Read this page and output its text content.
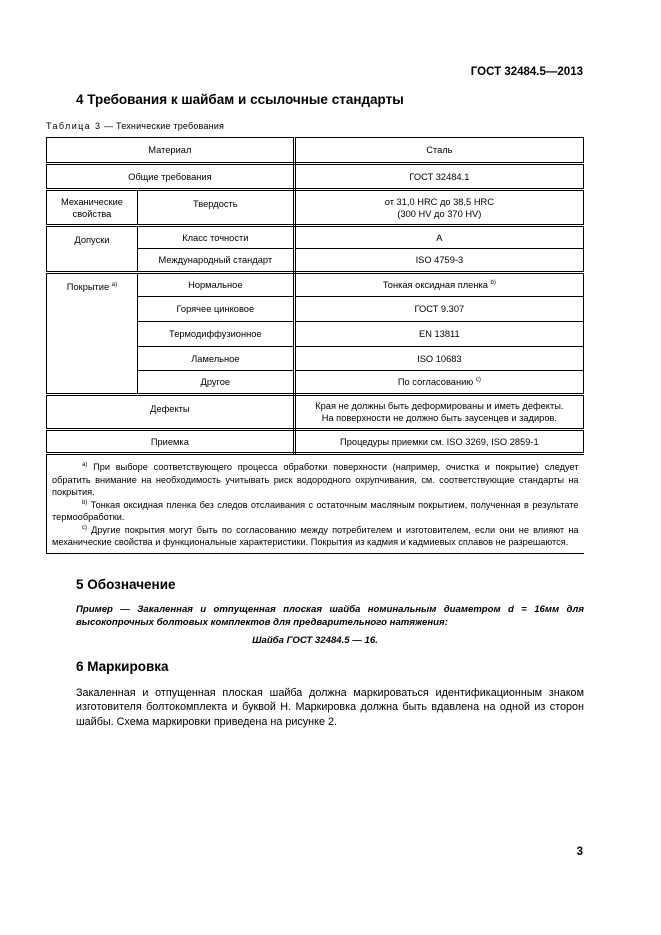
ГОСТ 32484.5—2013
4 Требования к шайбам и ссылочные стандарты
Таблица 3 — Технические требования
Материал		Сталь
Общие требования		ГОСТ 32484.1
Механические свойства	Твердость	от 31,0 HRC до 38,5 HRC
(300 HV до 370 HV)
Допуски	Класс точности	А
	Международный стандарт	ISO 4759-3
Покрытие $^{a)}$	Нормальное	Тонкая оксидная пленка $^{b)}$
	Горячее цинковое	ГОСТ 9.307
	Термодиффузионное	EN 13811
	Ламельное	ISO 10683
	Другое	По согласованию $^{c)}$
Дефекты		Края не должны быть деформированы и иметь дефекты.
На поверхности не должно быть заусенцев и задиров.
Приемка		Процедуры приемки см. ISO 3269, ISO 2859-1

$^{a)}$ При выборе соответствующего процесса обработки поверхности (например, очистка и покрытие) следует обратить внимание на необходимость учитывать риск водородного охрупчивания, см. соответствующие стандарты на покрытия.

$^{b)}$ Тонкая оксидная пленка без следов отслаивания с остаточным масляным покрытием, полученная в результате термообработки.

$^{c)}$ Другие покрытия могут быть по согласованию между потребителем и изготовителем, если они не влияют на механические свойства и функциональные характеристики. Покрытия из кадмия и кадмиевых сплавов не разрешаются.		

5 Обозначение
Пример — Закаленная и отпущенная плоская шайба номинальным диаметром d = 16мм для высокопрочных болтовых комплектов для предварительного натяжения:
Шайба ГОСТ 32484.5 — 16.
6 Маркировка
Закаленная и отпущенная плоская шайба должна маркироваться идентификационным знаком изготовителя болтокомплекта и буквой Н. Маркировка должна быть вдавлена на одной из сторон шайбы. Схема маркировки приведена на рисунке 2.
3
